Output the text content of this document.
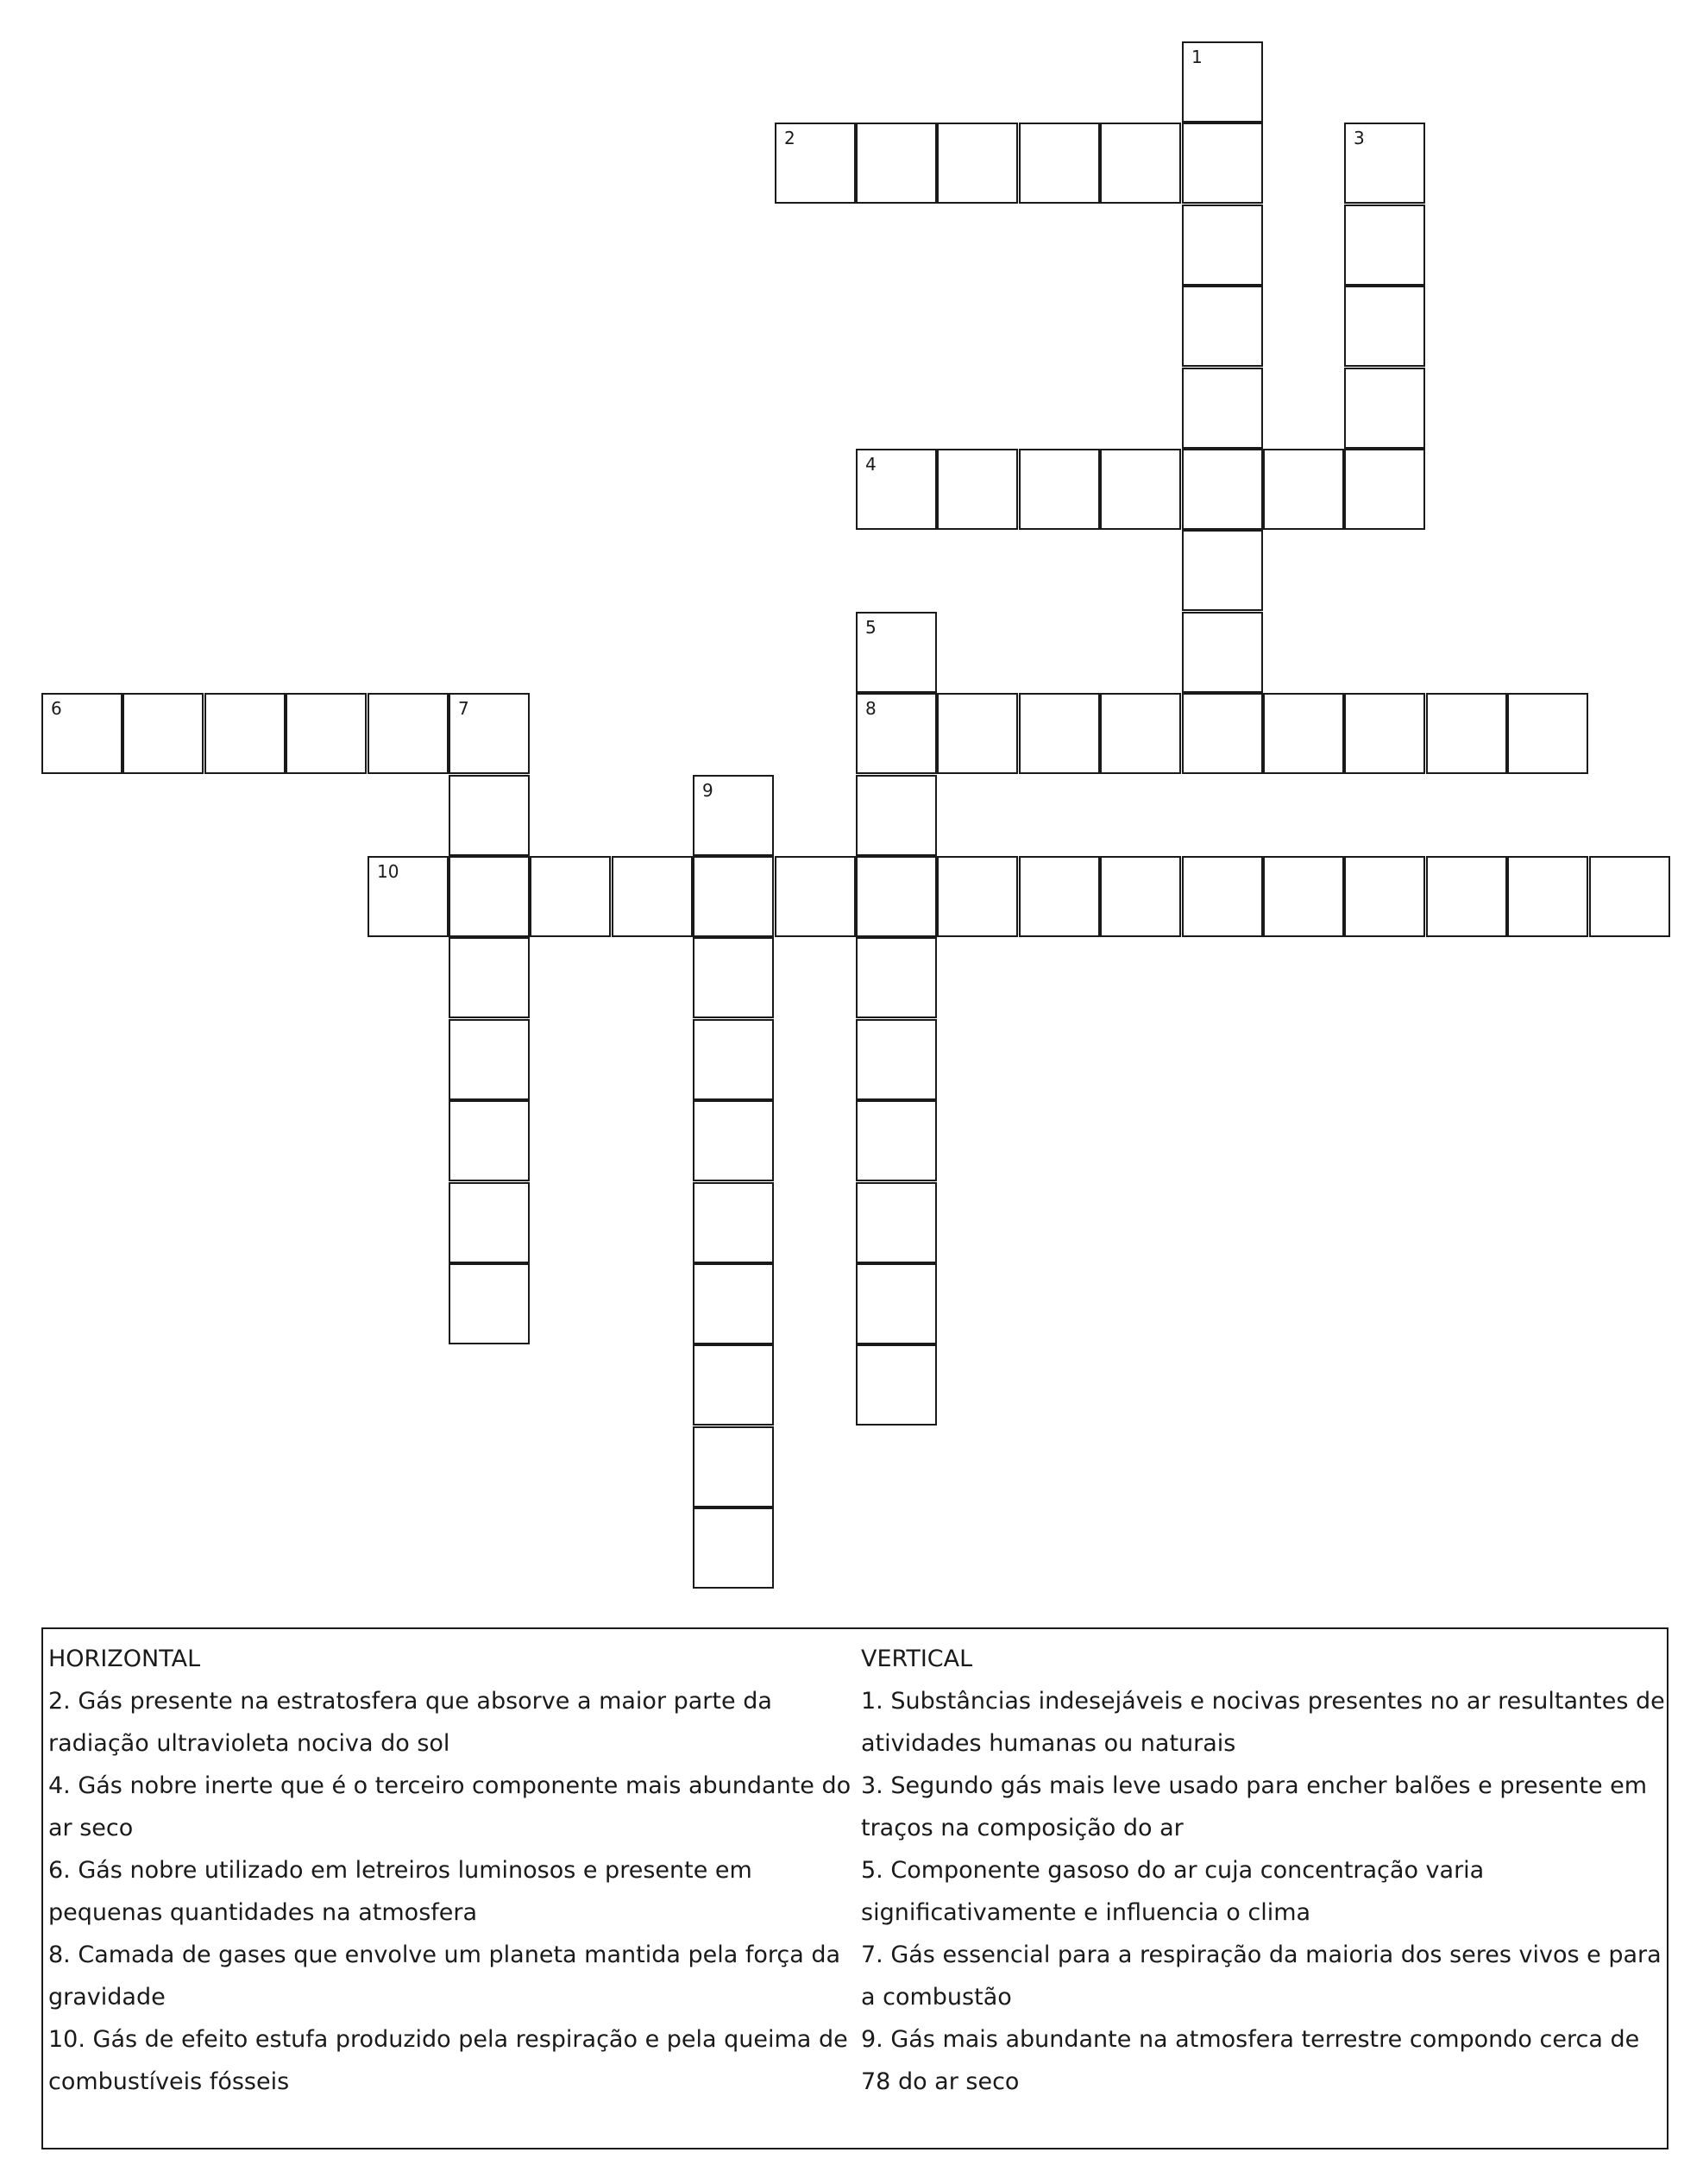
1
2	3
4
5
8
6	7
9
10
HORIZONTAL
2. Gás presente na estratosfera que absorve a maior parte da
radiação ultravioleta nociva do sol
4. Gás nobre inerte que é o terceiro componente mais abundante do
ar seco
6. Gás nobre utilizado em letreiros luminosos e presente em
pequenas quantidades na atmosfera
8. Camada de gases que envolve um planeta mantida pela força da
gravidade
10. Gás de efeito estufa produzido pela respiração e pela queima de
combustíveis fósseis
VERTICAL
1. Substâncias indesejáveis e nocivas presentes no ar resultantes de
atividades humanas ou naturais
3. Segundo gás mais leve usado para encher balões e presente em
traços na composição do ar
5. Componente gasoso do ar cuja concentração varia
significativamente e influencia o clima
7. Gás essencial para a respiração da maioria dos seres vivos e para
a combustão
9. Gás mais abundante na atmosfera terrestre compondo cerca de
78 do ar seco
